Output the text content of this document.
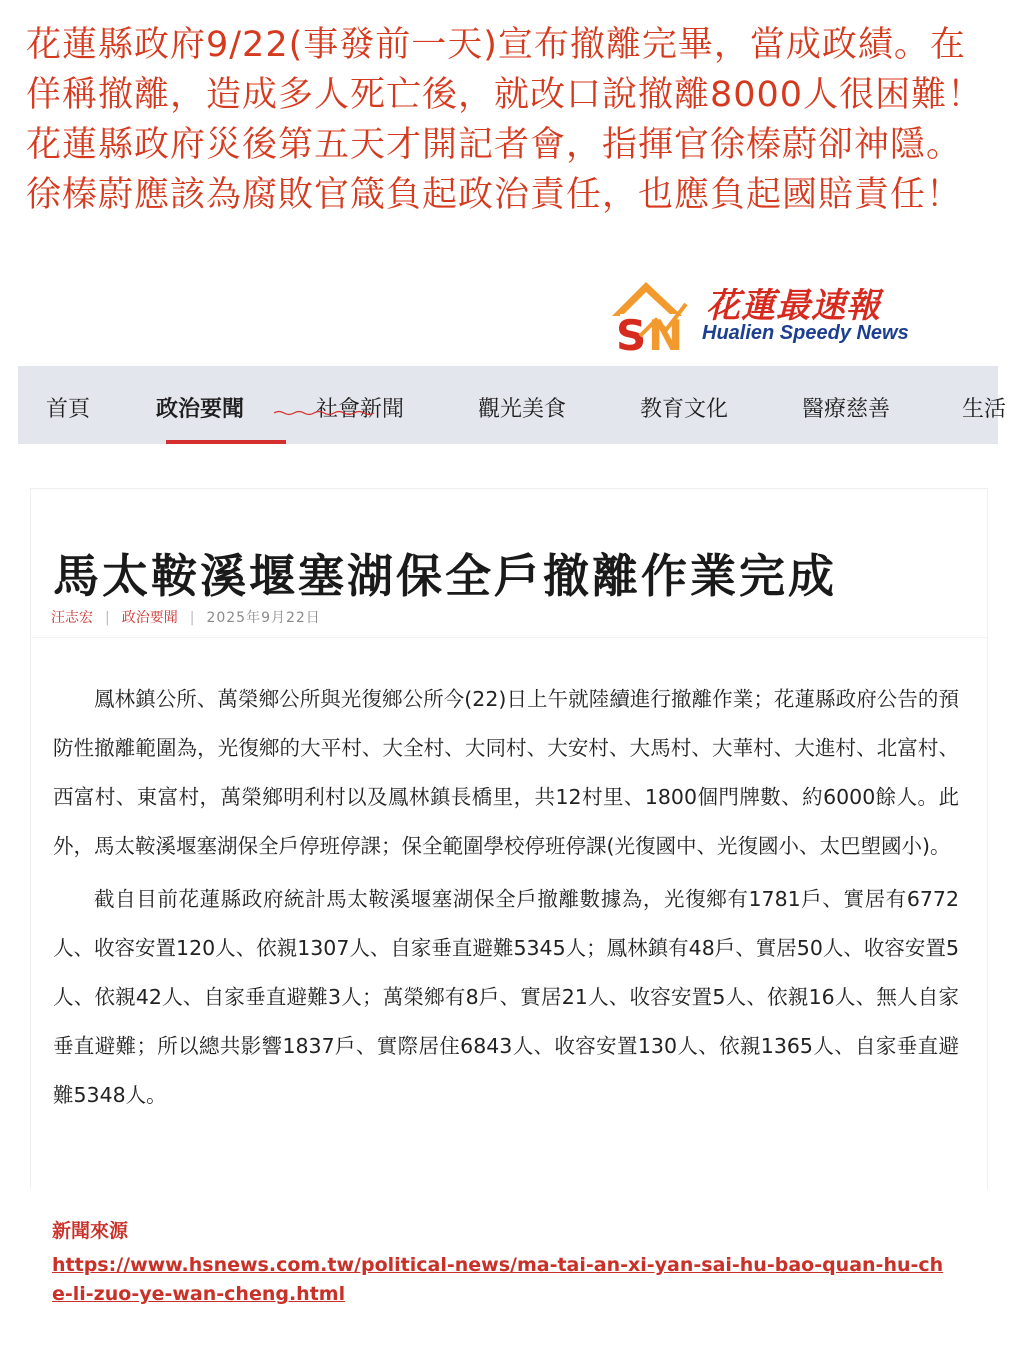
花蓮縣政府9/22(事發前一天)宣布撤離完畢，當成政績。在佯稱撤離，造成多人死亡後，就改口說撤離8000人很困難！

花蓮縣政府災後第五天才開記者會，指揮官徐榛蔚卻神隱。徐榛蔚應該為腐敗官箴負起政治責任，也應負起國賠責任！

S N
花蓮最速報
Hualien Speedy News
首頁	政治要聞	社會新聞	觀光美食	教育文化	醫療慈善	生活
馬太鞍溪堰塞湖保全戶撤離作業完成
汪志宏 | 政治要聞 | 2025年9月22日

鳳林鎮公所、萬榮鄉公所與光復鄉公所今(22)日上午就陸續進行撤離作業；花蓮縣政府公告的預防性撤離範圍為，光復鄉的大平村、大全村、大同村、大安村、大馬村、大華村、大進村、北富村、西富村、東富村，萬榮鄉明利村以及鳳林鎮長橋里，共12村里、1800個門牌數、約6000餘人。此外，馬太鞍溪堰塞湖保全戶停班停課；保全範圍學校停班停課(光復國中、光復國小、太巴塱國小)。

截自目前花蓮縣政府統計馬太鞍溪堰塞湖保全戶撤離數據為，光復鄉有1781戶、實居有6772人、收容安置120人、依親1307人、自家垂直避難5345人；鳳林鎮有48戶、實居50人、收容安置5人、依親42人、自家垂直避難3人；萬榮鄉有8戶、實居21人、收容安置5人、依親16人、無人自家垂直避難；所以總共影響1837戶、實際居住6843人、收容安置130人、依親1365人、自家垂直避難5348人。

新聞來源
https://www.hsnews.com.tw/political-news/ma-tai-an-xi-yan-sai-hu-bao-quan-hu-che-li-zuo-ye-wan-cheng.html
